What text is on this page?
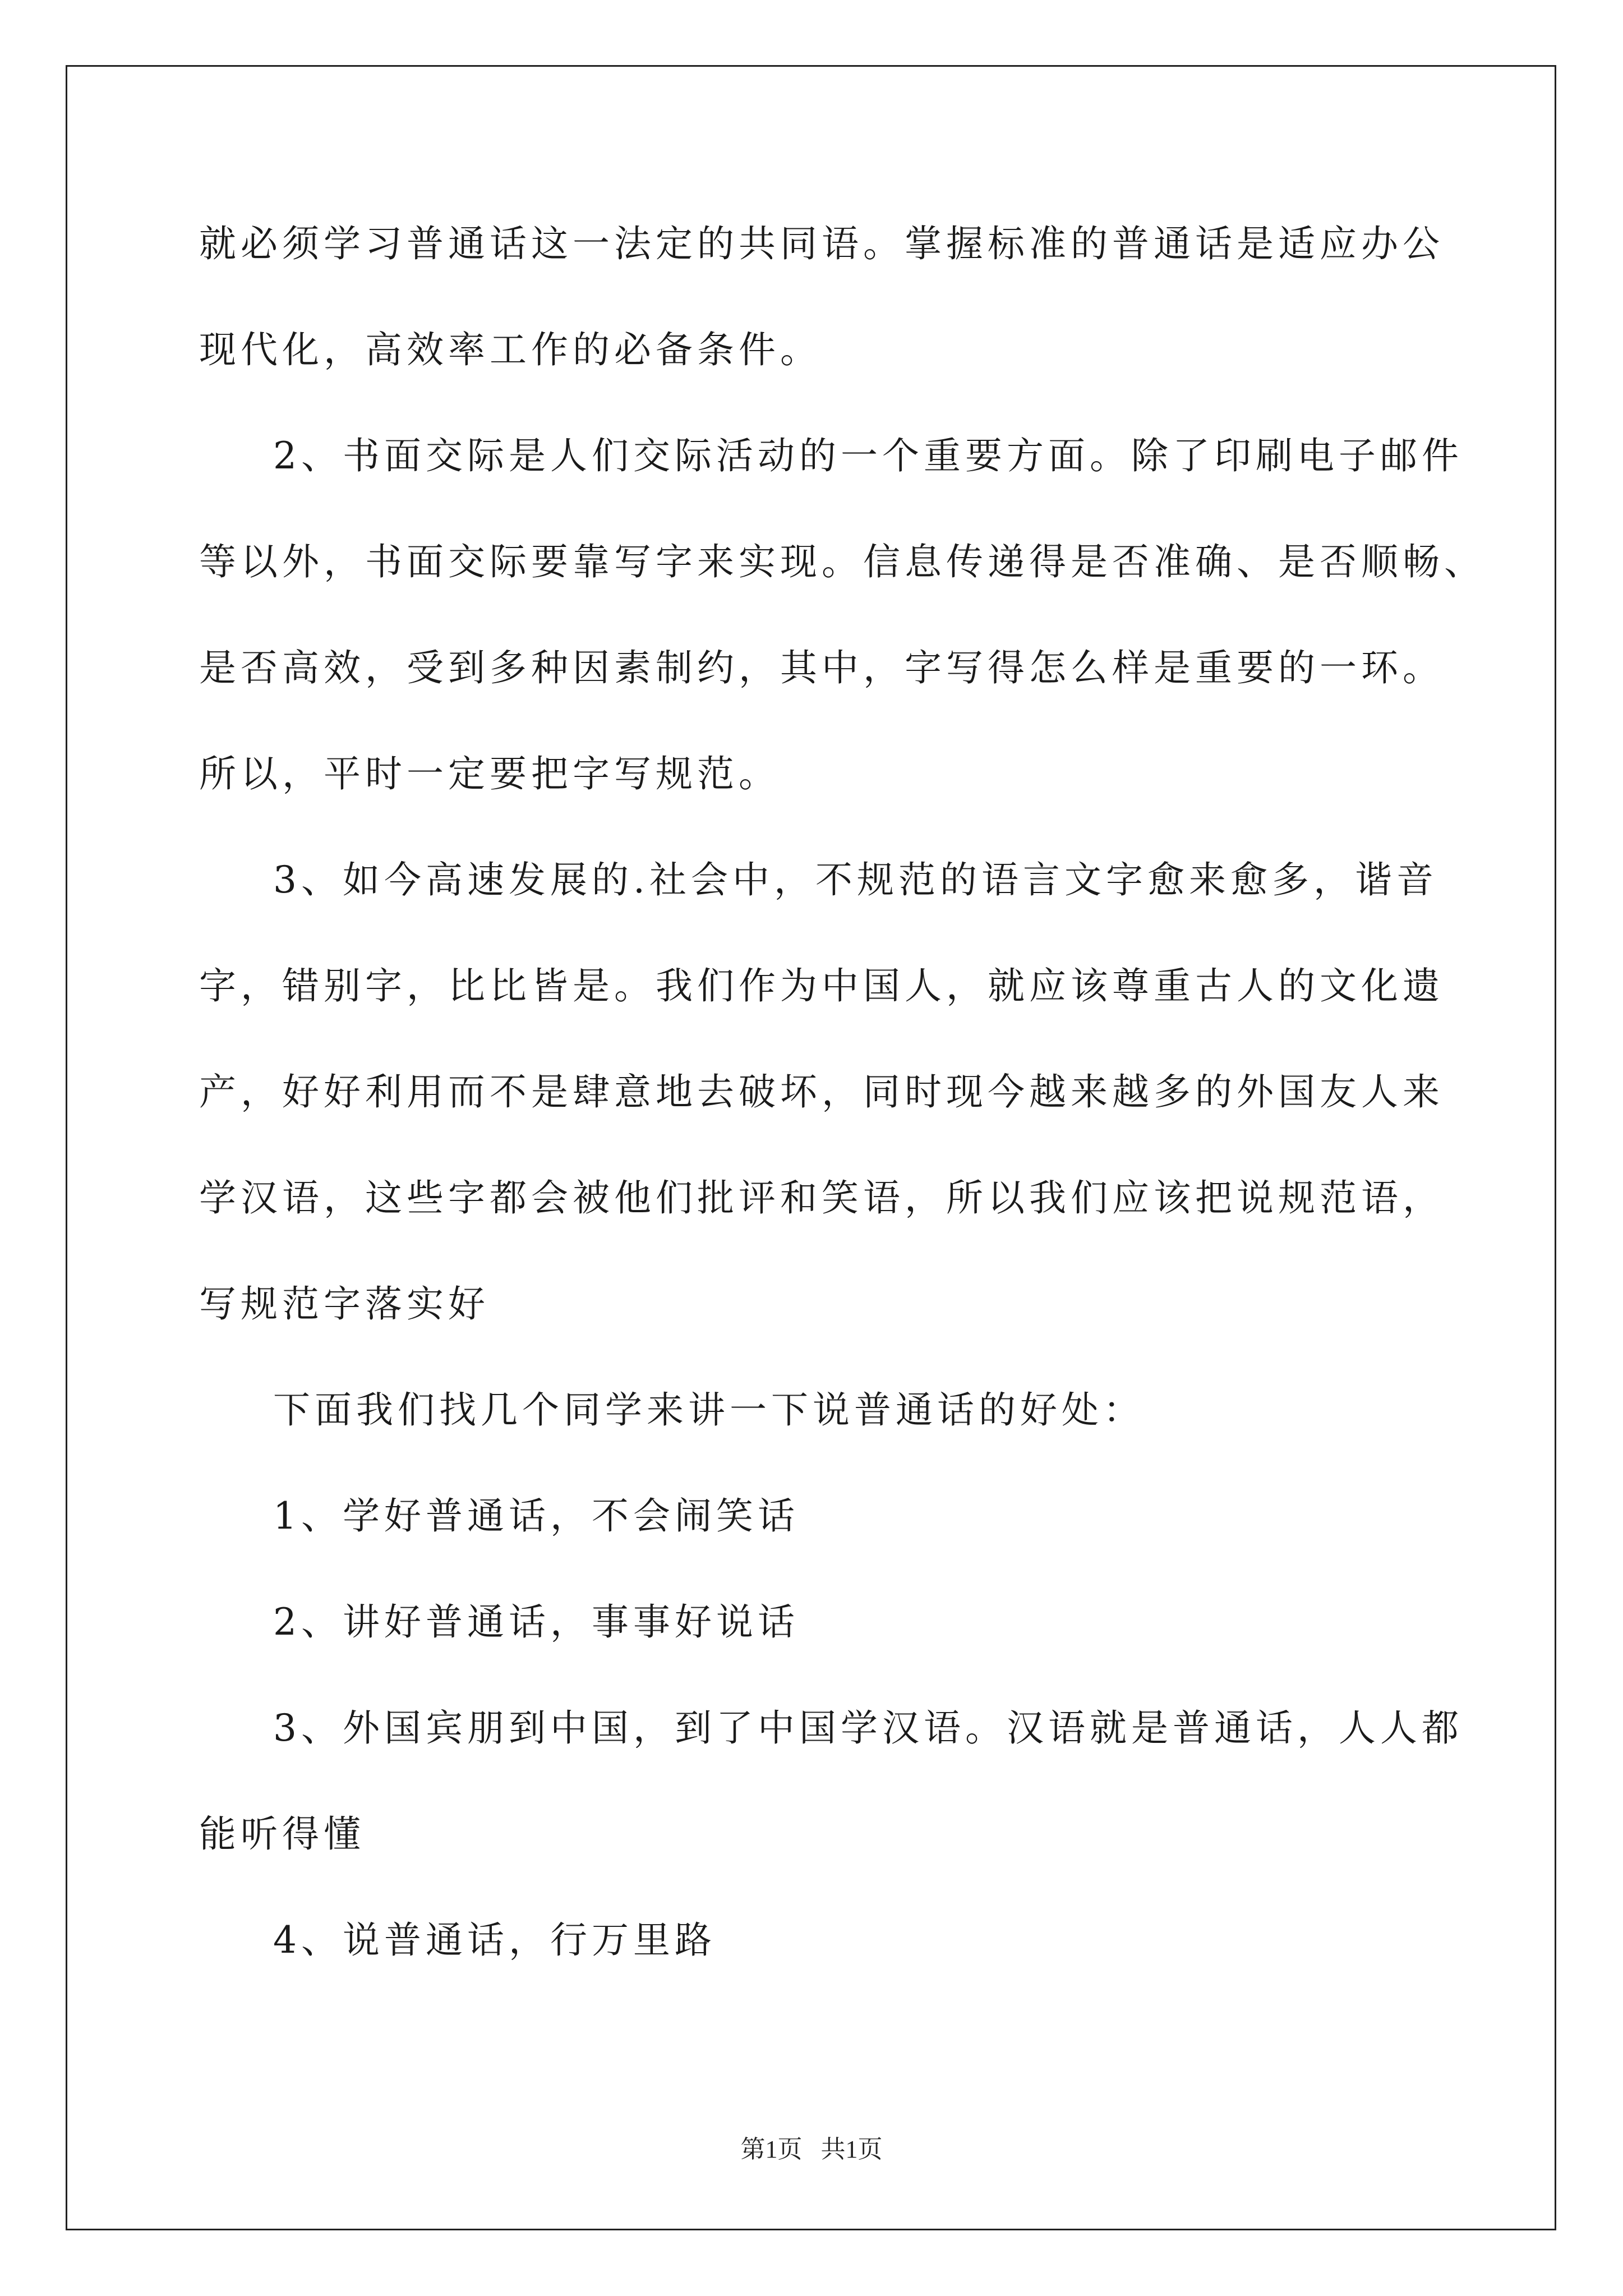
就必须学习普通话这一法定的共同语。掌握标准的普通话是适应办公
现代化，高效率工作的必备条件。
2、书面交际是人们交际活动的一个重要方面。除了印刷电子邮件
等以外，书面交际要靠写字来实现。信息传递得是否准确、是否顺畅、
是否高效，受到多种因素制约，其中，字写得怎么样是重要的一环。
所以，平时一定要把字写规范。
3、如今高速发展的.社会中，不规范的语言文字愈来愈多，谐音
字，错别字，比比皆是。我们作为中国人，就应该尊重古人的文化遗
产，好好利用而不是肆意地去破坏，同时现今越来越多的外国友人来
学汉语，这些字都会被他们批评和笑语，所以我们应该把说规范语，
写规范字落实好
下面我们找几个同学来讲一下说普通话的好处：
1、学好普通话，不会闹笑话
2、讲好普通话，事事好说话
3、外国宾朋到中国，到了中国学汉语。汉语就是普通话，人人都
能听得懂
4、说普通话，行万里路
第1页   共1页
